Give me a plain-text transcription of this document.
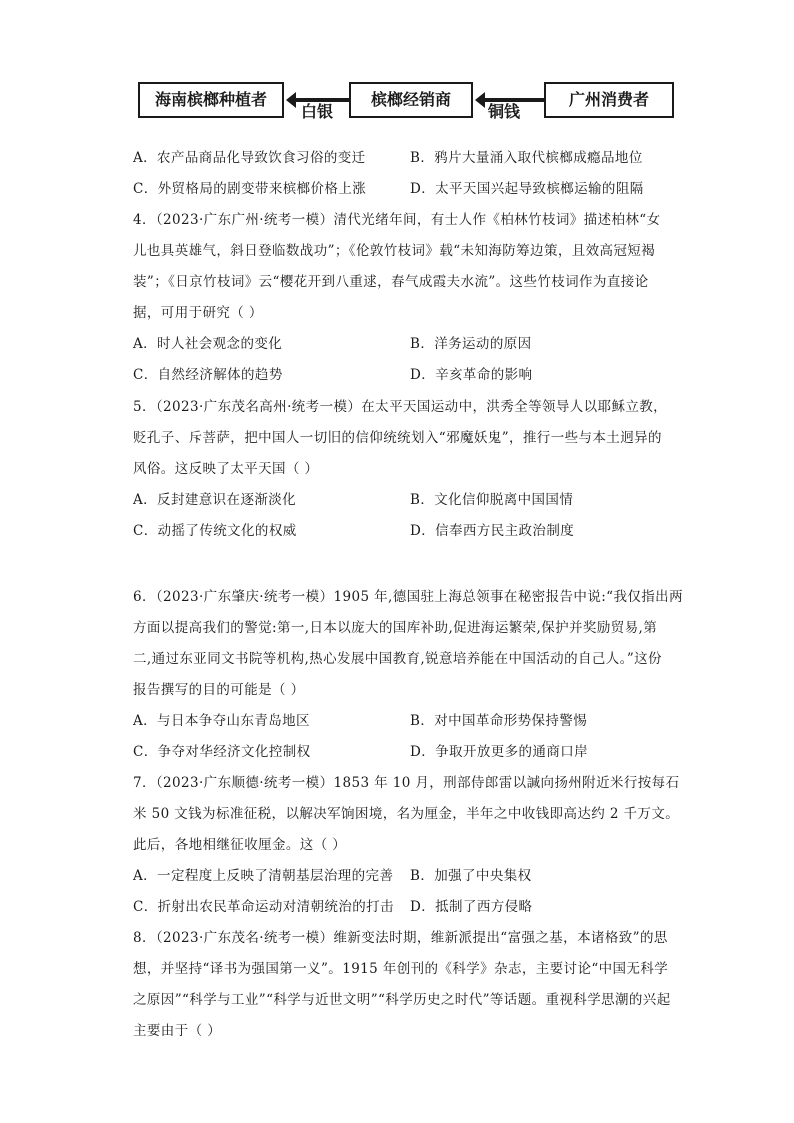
海南槟榔种植者
白银
槟榔经销商
铜钱
广州消费者
A．农产品商品化导致饮食习俗的变迁	B．鸦片大量涌入取代槟榔成瘾品地位
C．外贸格局的剧变带来槟榔价格上涨	D．太平天国兴起导致槟榔运输的阻隔
4．（2023·广东广州·统考一模）清代光绪年间，有士人作《柏林竹枝词》描述柏林“女
儿也具英雄气，斜日登临数战功”；《伦敦竹枝词》载“未知海防筹边策，且效高冠短褐
装”；《日京竹枝词》云“樱花开到八重逑，春气成霞夫水流”。这些竹枝词作为直接论
据，可用于研究（ ）
A．时人社会观念的变化	B．洋务运动的原因
C．自然经济解体的趋势	D．辛亥革命的影响
5．（2023·广东茂名高州·统考一模）在太平天国运动中，洪秀全等领导人以耶稣立教，
贬孔子、斥菩萨，把中国人一切旧的信仰统统划入“邪魔妖鬼”，推行一些与本土迥异的
风俗。这反映了太平天国（ ）
A．反封建意识在逐渐淡化	B．文化信仰脱离中国国情
C．动摇了传统文化的权威	D．信奉西方民主政治制度
6．（2023·广东肇庆·统考一模）1905 年,德国驻上海总领事在秘密报告中说:“我仅指出两
方面以提高我们的警觉:第一,日本以庞大的国库补助,促进海运繁荣,保护并奖励贸易,第
二,通过东亚同文书院等机构,热心发展中国教育,锐意培养能在中国活动的自己人。”这份
报告撰写的目的可能是（ ）
A．与日本争夺山东青岛地区	B．对中国革命形势保持警惕
C．争夺对华经济文化控制权	D．争取开放更多的通商口岸
7．（2023·广东顺德·统考一模）1853 年 10 月，刑部侍郎雷以諴向扬州附近米行按每石
米 50 文钱为标准征税，以解决军饷困境，名为厘金，半年之中收钱即高达约 2 千万文。
此后，各地相继征收厘金。这（ ）
A．一定程度上反映了清朝基层治理的完善 B．加强了中央集权
C．折射出农民革命运动对清朝统治的打击 D．抵制了西方侵略
8．（2023·广东茂名·统考一模）维新变法时期，维新派提出“富强之基，本诸格致”的思
想，并坚持“译书为强国第一义”。1915 年创刊的《科学》杂志，主要讨论“中国无科学
之原因”“科学与工业”“科学与近世文明”“科学历史之时代”等话题。重视科学思潮的兴起
主要由于（ ）
